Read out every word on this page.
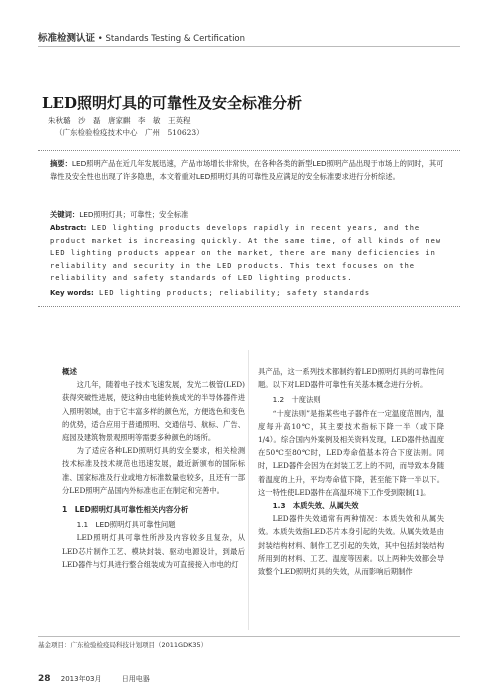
标准检测认证 • Standards Testing & Certification
LED照明灯具的可靠性及安全标准分析
朱秋璐　沙　磊　唐家麒　李　敏　王英程
（广东检验检疫技术中心　广州　510623）
摘要：LED照明产品在近几年发展迅速，产品市场增长非常快，在各种各类的新型LED照明产品出现于市场上的同时，其可靠性及安全性也出现了许多隐患，本文着重对LED照明灯具的可靠性及应满足的安全标准要求进行分析综述。
关键词：LED照明灯具；可靠性；安全标准
Abstract: LED lighting products develops rapidly in recent years, and the product market is increasing quickly. At the same time, of all kinds of new LED lighting products appear on the market, there are many deficiencies in reliability and security in the LED products. This text focuses on the reliability and safety standards of LED lighting products.
Key words: LED lighting products; reliability; safety standards
概述

这几年，随着电子技术飞速发展，发光二极管(LED)获得突破性进展，使这种由电能转换成光的半导体器件进入照明领域，由于它丰富多样的颜色光，方便选色和变色的优势，适合应用于普通照明、交通信号、航标、广告、庭园及建筑物景观照明等需要多种颜色的场所。

为了适应各种LED照明灯具的安全要求，相关检测技术标准及技术规范也迅速发展，最近新颁布的国际标准、国家标准及行业或地方标准数量也较多，且还有一部分LED照明产品国内外标准也正在制定和完善中。

1　LED照明灯具可靠性相关内容分析
1.1　LED照明灯具可靠性问题

LED照明灯具可靠性所涉及内容较多且复杂，从LED芯片制作工艺、模块封装、驱动电源设计，到最后LED器件与灯具进行整合组装成为可直接接入市电的灯

具产品，这一系列技术都制约着LED照明灯具的可靠性问题。以下对LED器件可靠性有关基本概念进行分析。

1.2　十度法则

“十度法则”是指某些电子器件在一定温度范围内，温度每升高10℃，其主要技术指标下降一半（或下降1/4）。综合国内外案例及相关资料发现，LED器件热温度在50℃至80℃时，LED寿命值基本符合下度法则。同时，LED器件会因为在封装工艺上的不同，而导致本身随着温度的上升，平均寿命值下降，甚至能下降一半以下。这一特性使LED器件在高温环境下工作受到限制[1]。

1.3　本质失效、从属失效

LED器件失效通常有两种情况：本质失效和从属失效。本质失效指LED芯片本身引起的失效。从属失效是由封装结构材料、制作工艺引起的失效，其中包括封装结构所用到的材料、工艺、温度等因素。以上两种失效都会导致整个LED照明灯具的失效，从而影响后期制作

基金项目：广东检验检疫局科技计划项目（2011GDK35）
28 2013年03月	日用电器
